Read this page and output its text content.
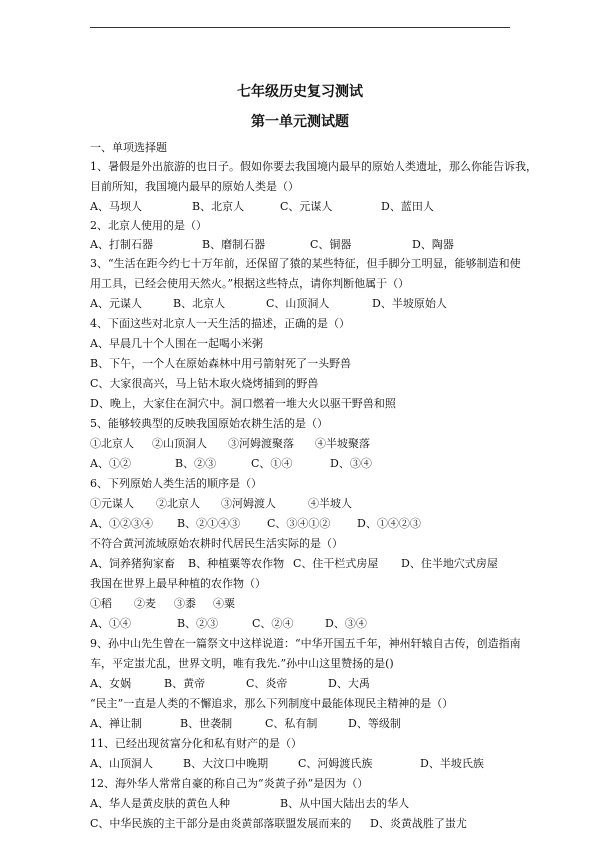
七年级历史复习测试
第一单元测试题
一、单项选择题
1、暑假是外出旅游的也日子。假如你要去我国境内最早的原始人类遗址，那么你能告诉我，
目前所知，我国境内最早的原始人类是（）
A、马坝人	B、北京人	C、元谋人	D、蓝田人
2、北京人使用的是（）
A、打制石器	B、磨制石器	C、铜器	D、陶器
3、“生活在距今约七十万年前，还保留了猿的某些特征，但手脚分工明显，能够制造和使
用工具，已经会使用天然火。”根据这些特点，请你判断他属于（）
A、元谋人	B、北京人	C、山顶洞人	D、半坡原始人
4、下面这些对北京人一天生活的描述，正确的是（）
A、早晨几十个人围在一起喝小米粥
B、下午，一个人在原始森林中用弓箭射死了一头野兽
C、大家很高兴，马上钻木取火烧烤捕到的野兽
D、晚上，大家住在洞穴中。洞口燃着一堆大火以驱干野兽和照
5、能够较典型的反映我国原始农耕生活的是（）
①北京人	②山顶洞人	③河姆渡聚落	④半坡聚落
A、①②	B、②③	C、①④	D、③④
6、下列原始人类生活的顺序是（）
①元谋人	②北京人	③河姆渡人	④半坡人
A、①②③④	B、②①④③	C、③④①②	D、①④②③
不符合黄河流域原始农耕时代居民生活实际的是（）
A、饲养猪狗家畜	B、种植粟等农作物 C、住干栏式房屋	D、住半地穴式房屋
我国在世界上最早种植的农作物（）
①稻	②麦	③黍	④粟
A、①④	B、②③	C、②④	D、③④
9、孙中山先生曾在一篇祭文中这样说道：“中华开国五千年，神州轩辕自古传，创造指南
车，平定蚩尤乱，世界文明，唯有我先.”孙中山这里赞扬的是()
A、女娲	B、黄帝	C、炎帝	D、大禹
“民主”一直是人类的不懈追求，那么下列制度中最能体现民主精神的是（）
A、禅让制	B、世袭制	C、私有制	D、等级制
11、已经出现贫富分化和私有财产的是（）
A、山顶洞人	B、大汶口中晚期	C、河姆渡氏族	D、半坡氏族
12、海外华人常常自豪的称自己为“炎黄子孙”是因为（）
A、华人是黄皮肤的黄色人种	B、从中国大陆出去的华人
C、中华民族的主干部分是由炎黄部落联盟发展而来的	D、炎黄战胜了蚩尤
